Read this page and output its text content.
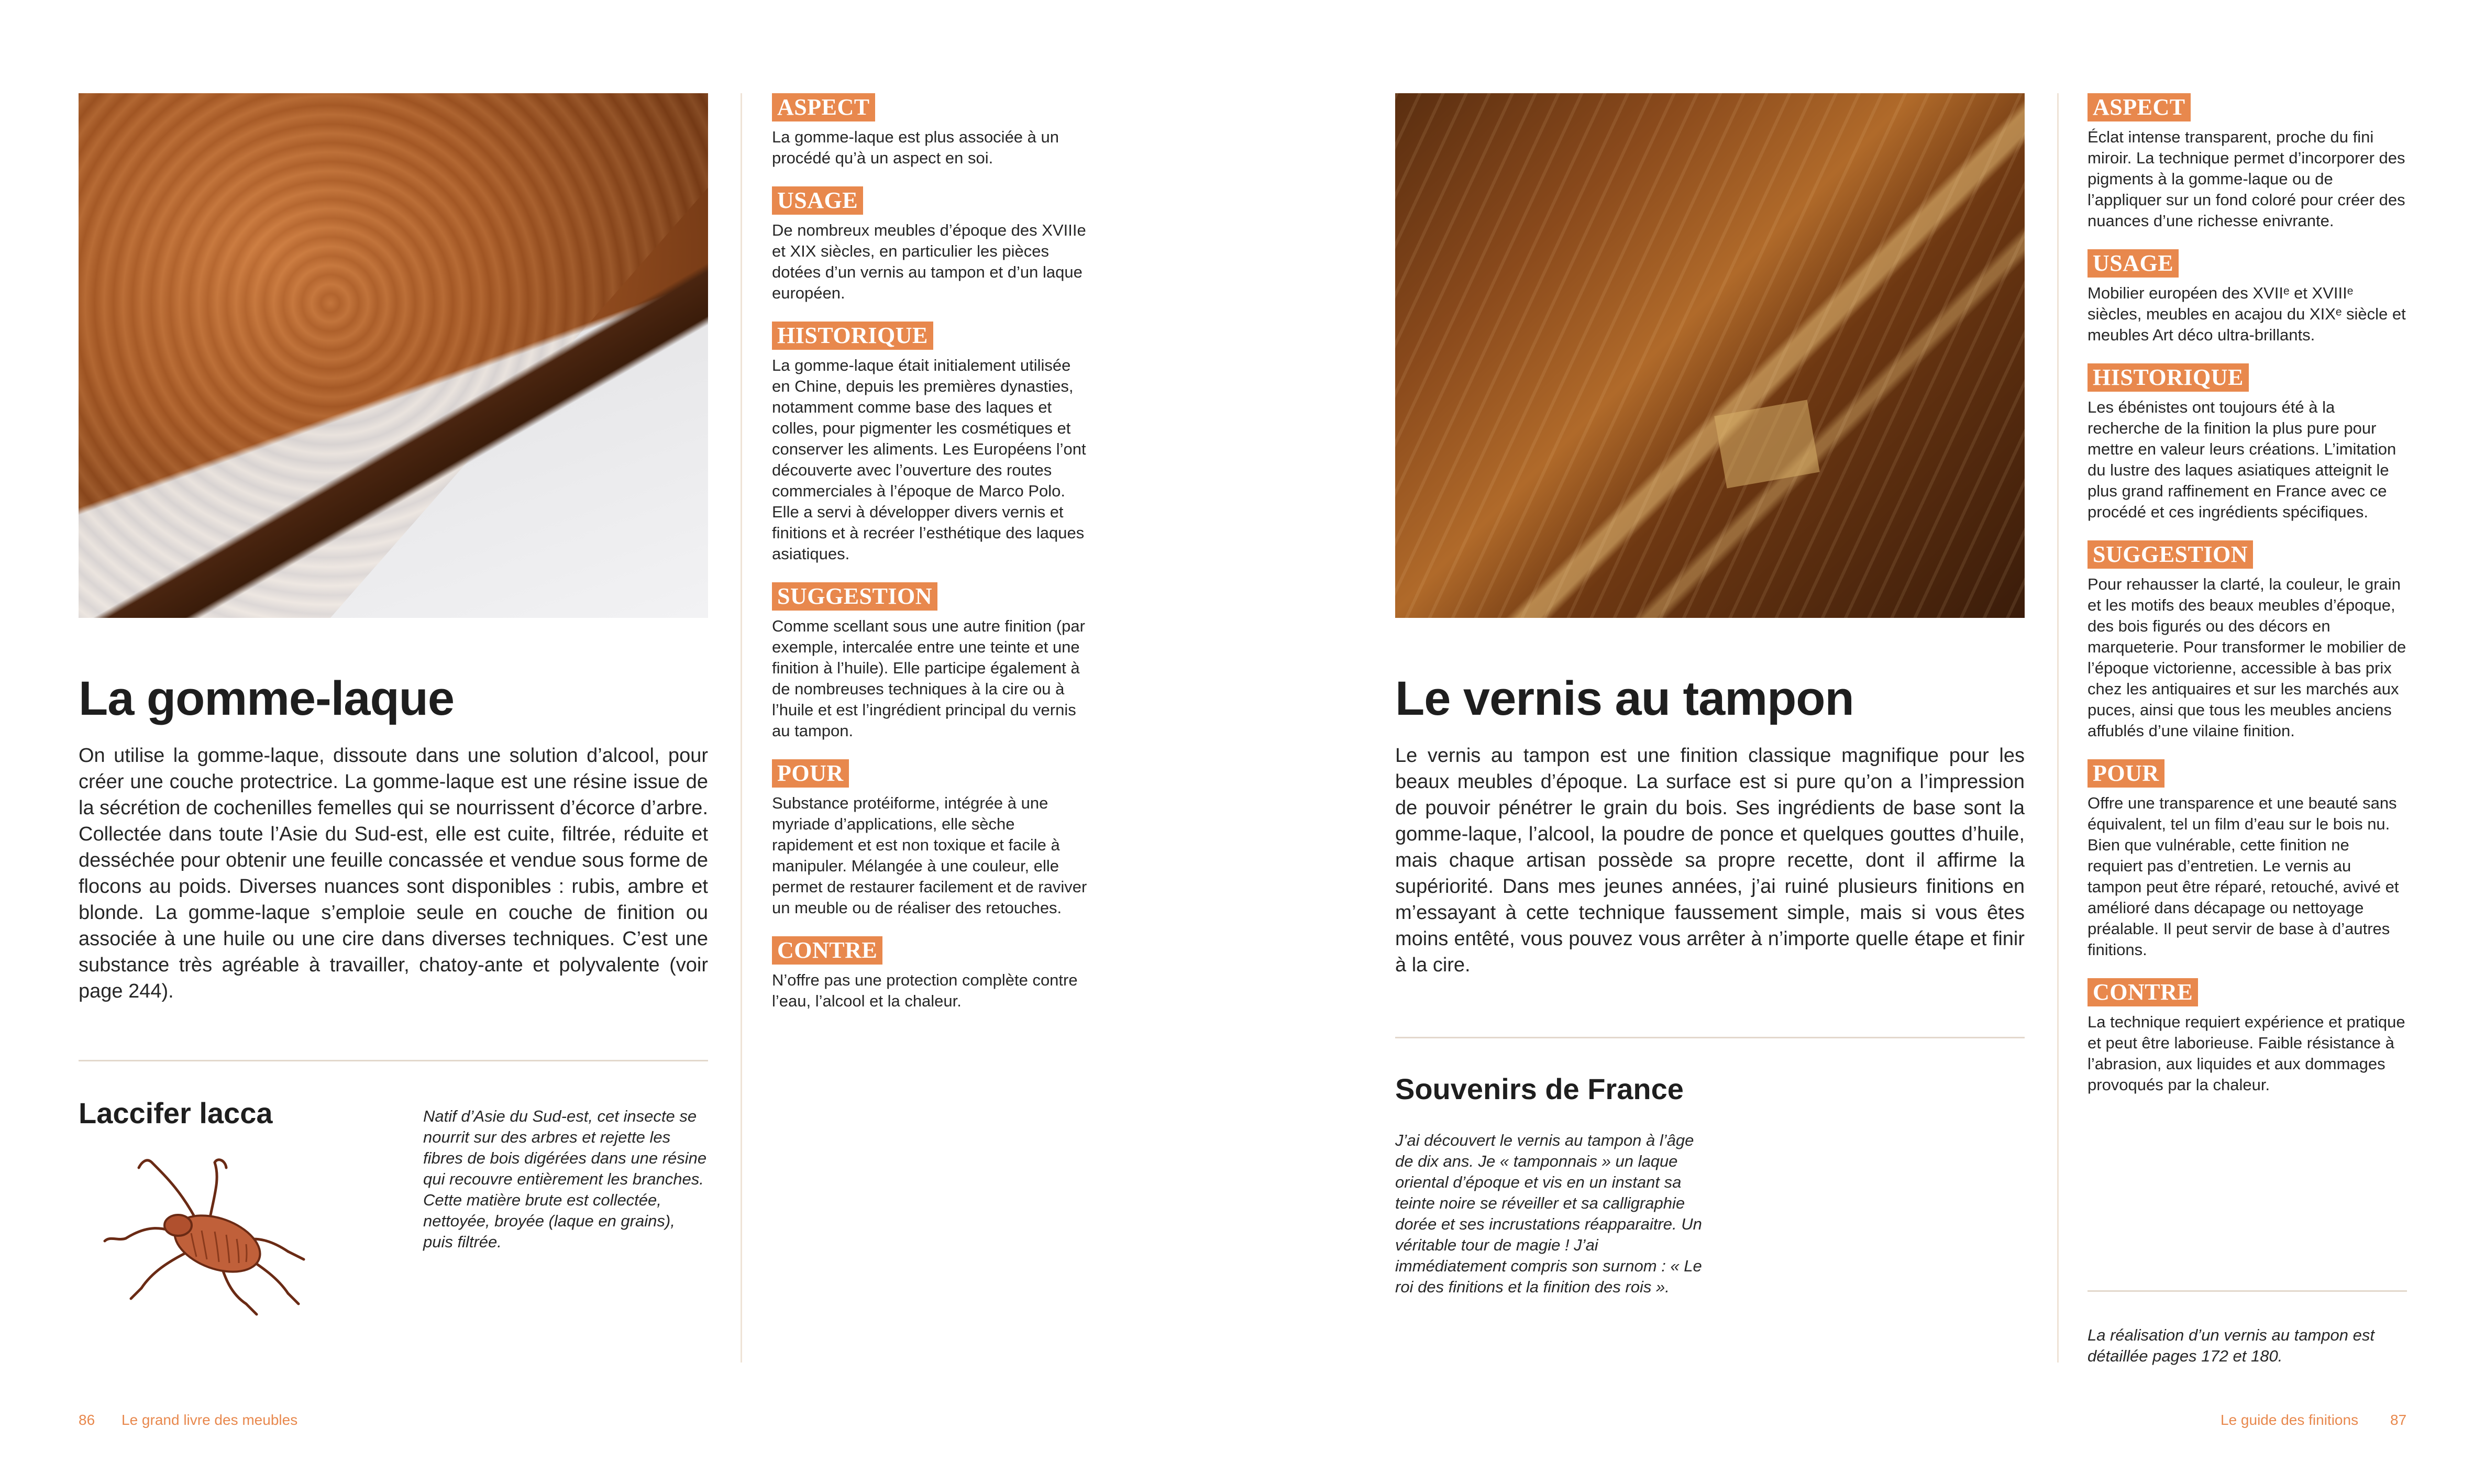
La gomme-laque
On utilise la gomme-laque, dissoute dans une solution d’alcool, pour créer une couche protectrice. La gomme-laque est une résine issue de la sécrétion de cochenilles femelles qui se nourrissent d’écorce d’arbre. Collectée dans toute l’Asie du Sud-est, elle est cuite, filtrée, réduite et desséchée pour obtenir une feuille concassée et vendue sous forme de flocons au poids. Diverses nuances sont disponibles : rubis, ambre et blonde. La gomme-laque s’emploie seule en couche de finition ou associée à une huile ou une cire dans diverses techniques. C’est une substance très agréable à travailler, chatoy-ante et polyvalente (voir page 244).
Laccifer lacca	Natif d’Asie du Sud-est, cet insecte se nourrit sur des arbres et rejette les fibres de bois digérées dans une résine qui recouvre entièrement les branches. Cette matière brute est collectée, nettoyée, broyée (laque en grains), puis filtrée.
ASPECT
La gomme-laque est plus associée à un procédé qu’à un aspect en soi.
USAGE
De nombreux meubles d’époque des XVIIIe et XIX siècles, en particulier les pièces dotées d’un vernis au tampon et d’un laque européen.
HISTORIQUE
La gomme-laque était initialement utilisée en Chine, depuis les premières dynasties, notamment comme base des laques et colles, pour pigmenter les cosmétiques et conserver les aliments. Les Européens l’ont découverte avec l’ouverture des routes commerciales à l’époque de Marco Polo. Elle a servi à développer divers vernis et finitions et à recréer l’esthétique des laques asiatiques.
SUGGESTION
Comme scellant sous une autre finition (par exemple, intercalée entre une teinte et une finition à l’huile). Elle participe également à de nombreuses techniques à la cire ou à l’huile et est l’ingrédient principal du vernis au tampon.
POUR
Substance protéiforme, intégrée à une myriade d’applications, elle sèche rapidement et est non toxique et facile à manipuler. Mélangée à une couleur, elle permet de restaurer facilement et de raviver un meuble ou de réaliser des retouches.
CONTRE
N’offre pas une protection complète contre l’eau, l’alcool et la chaleur.
86 Le grand livre des meubles
Le vernis au tampon
Le vernis au tampon est une finition classique magnifique pour les beaux meubles d’époque. La surface est si pure qu’on a l’impression de pouvoir pénétrer le grain du bois. Ses ingrédients de base sont la gomme-laque, l’alcool, la poudre de ponce et quelques gouttes d’huile, mais chaque artisan possède sa propre recette, dont il affirme la supériorité. Dans mes jeunes années, j’ai ruiné plusieurs finitions en m’essayant à cette technique faussement simple, mais si vous êtes moins entêté, vous pouvez vous arrêter à n’importe quelle étape et finir à la cire.
Souvenirs de France
J’ai découvert le vernis au tampon à l’âge de dix ans. Je « tamponnais » un laque oriental d’époque et vis en un instant sa teinte noire se réveiller et sa calligraphie dorée et ses incrustations réapparaitre. Un véritable tour de magie ! J’ai immédiatement compris son surnom : « Le roi des finitions et la finition des rois ».
ASPECT
Éclat intense transparent, proche du fini miroir. La technique permet d’incorporer des pigments à la gomme-laque ou de l’appliquer sur un fond coloré pour créer des nuances d’une richesse enivrante.
USAGE
Mobilier européen des XVIIᵉ et XVIIIᵉ siècles, meubles en acajou du XIXᵉ siècle et meubles Art déco ultra-brillants.
HISTORIQUE
Les ébénistes ont toujours été à la recherche de la finition la plus pure pour mettre en valeur leurs créations. L’imitation du lustre des laques asiatiques atteignit le plus grand raffinement en France avec ce procédé et ces ingrédients spécifiques.
SUGGESTION
Pour rehausser la clarté, la couleur, le grain et les motifs des beaux meubles d’époque, des bois figurés ou des décors en marqueterie. Pour transformer le mobilier de l’époque victorienne, accessible à bas prix chez les antiquaires et sur les marchés aux puces, ainsi que tous les meubles anciens affublés d’une vilaine finition.
POUR
Offre une transparence et une beauté sans équivalent, tel un film d’eau sur le bois nu. Bien que vulnérable, cette finition ne requiert pas d’entretien. Le vernis au tampon peut être réparé, retouché, avivé et amélioré dans décapage ou nettoyage préalable. Il peut servir de base à d’autres finitions.
CONTRE
La technique requiert expérience et pratique et peut être laborieuse. Faible résistance à l’abrasion, aux liquides et aux dommages provoqués par la chaleur.
La réalisation d’un vernis au tampon est détaillée pages 172 et 180.
Le guide des finitions 87
